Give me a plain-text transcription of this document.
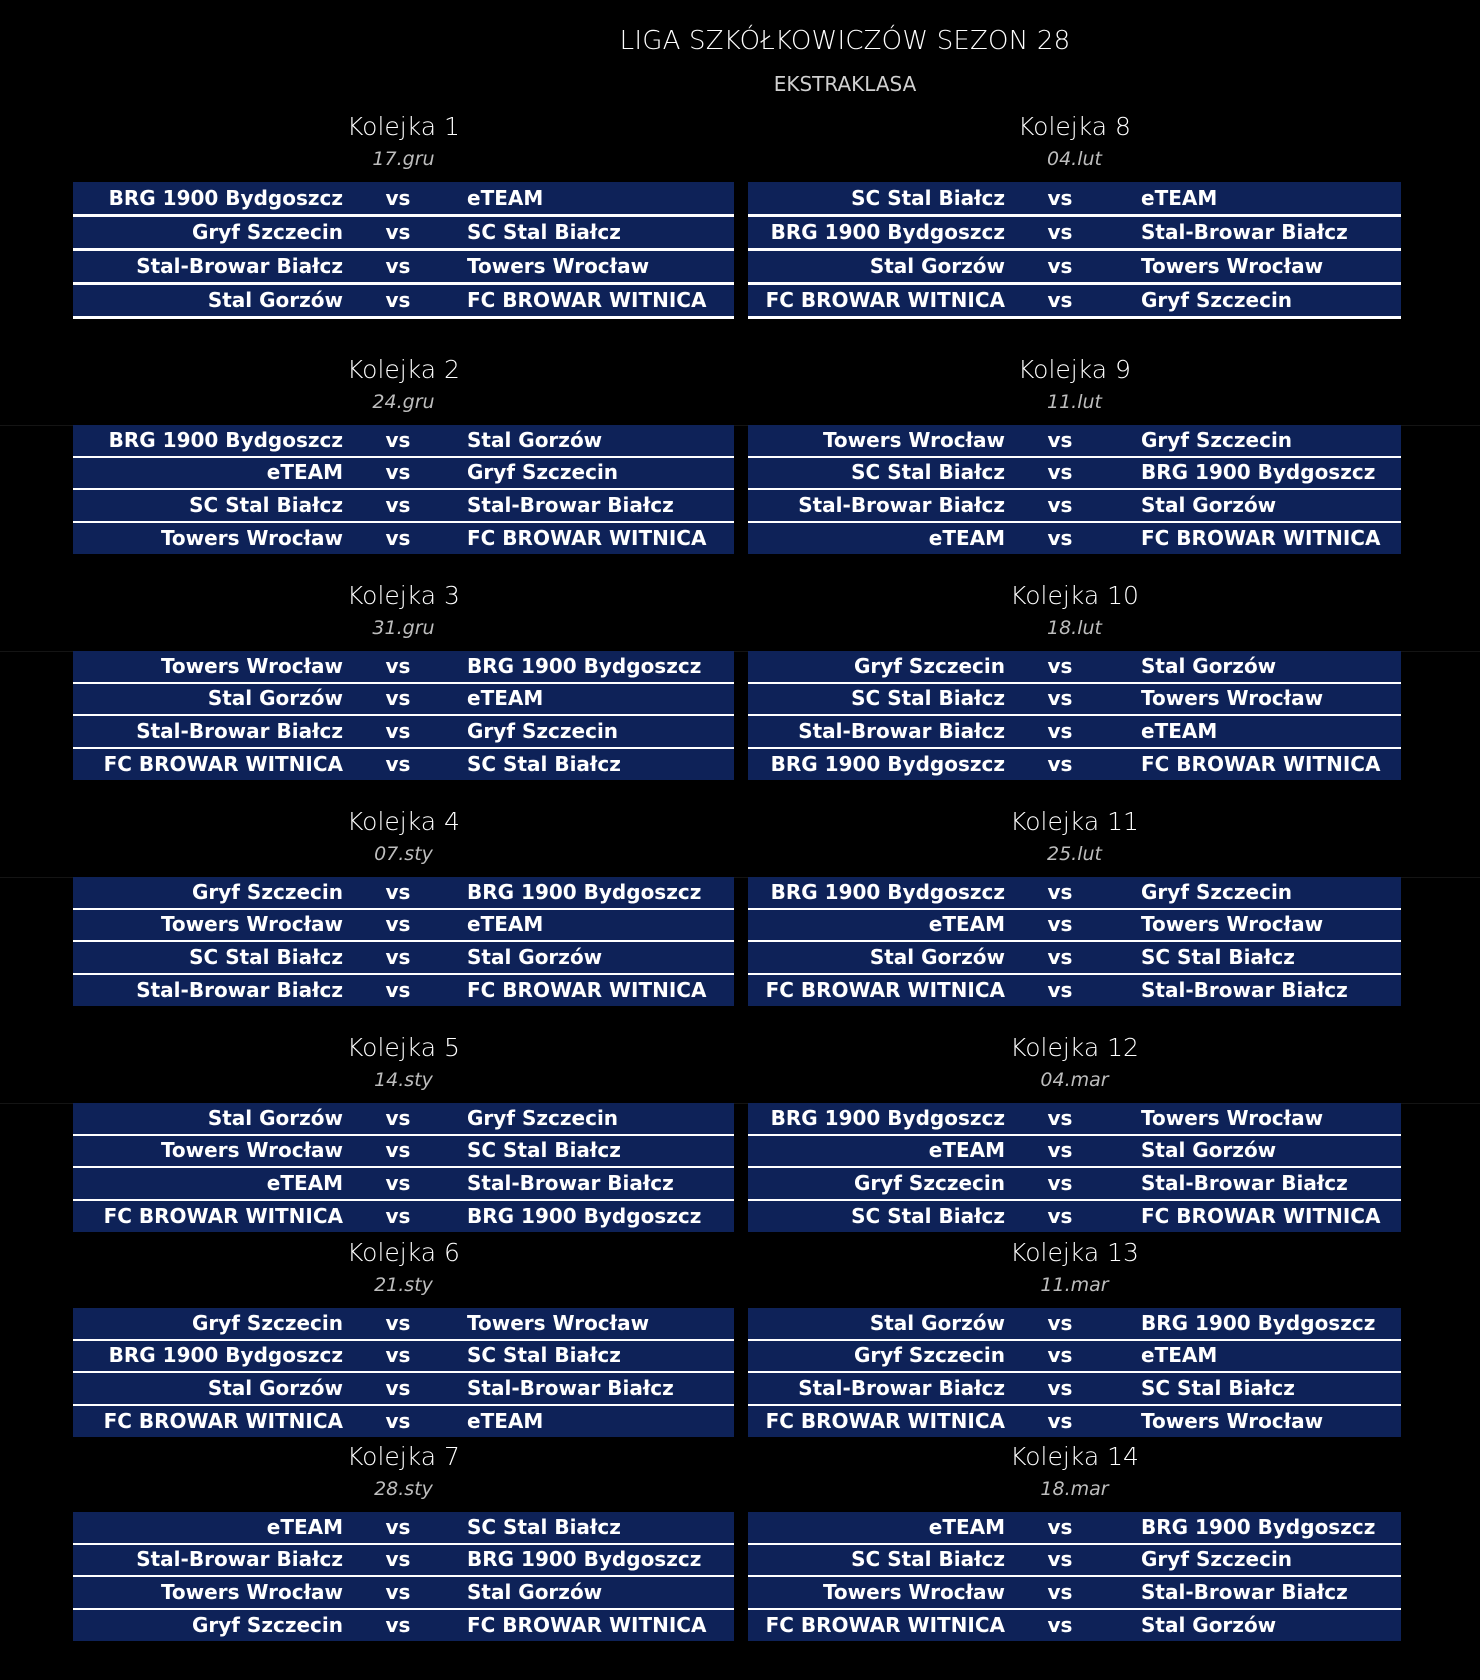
LIGA SZKÓŁKOWICZÓW SEZON 28
EKSTRAKLASA
Kolejka 1
17.gru
BRG 1900 Bydgoszcz	vs	eTEAM
Gryf Szczecin	vs	SC Stal Białcz
Stal-Browar Białcz	vs	Towers Wrocław
Stal Gorzów	vs	FC BROWAR WITNICA
Kolejka 2
24.gru
BRG 1900 Bydgoszcz	vs	Stal Gorzów
eTEAM	vs	Gryf Szczecin
SC Stal Białcz	vs	Stal-Browar Białcz
Towers Wrocław	vs	FC BROWAR WITNICA
Kolejka 3
31.gru
Towers Wrocław	vs	BRG 1900 Bydgoszcz
Stal Gorzów	vs	eTEAM
Stal-Browar Białcz	vs	Gryf Szczecin
FC BROWAR WITNICA	vs	SC Stal Białcz
Kolejka 4
07.sty
Gryf Szczecin	vs	BRG 1900 Bydgoszcz
Towers Wrocław	vs	eTEAM
SC Stal Białcz	vs	Stal Gorzów
Stal-Browar Białcz	vs	FC BROWAR WITNICA
Kolejka 5
14.sty
Stal Gorzów	vs	Gryf Szczecin
Towers Wrocław	vs	SC Stal Białcz
eTEAM	vs	Stal-Browar Białcz
FC BROWAR WITNICA	vs	BRG 1900 Bydgoszcz
Kolejka 6
21.sty
Gryf Szczecin	vs	Towers Wrocław
BRG 1900 Bydgoszcz	vs	SC Stal Białcz
Stal Gorzów	vs	Stal-Browar Białcz
FC BROWAR WITNICA	vs	eTEAM
Kolejka 7
28.sty
eTEAM	vs	SC Stal Białcz
Stal-Browar Białcz	vs	BRG 1900 Bydgoszcz
Towers Wrocław	vs	Stal Gorzów
Gryf Szczecin	vs	FC BROWAR WITNICA
Kolejka 8
04.lut
SC Stal Białcz	vs	eTEAM
BRG 1900 Bydgoszcz	vs	Stal-Browar Białcz
Stal Gorzów	vs	Towers Wrocław
FC BROWAR WITNICA	vs	Gryf Szczecin
Kolejka 9
11.lut
Towers Wrocław	vs	Gryf Szczecin
SC Stal Białcz	vs	BRG 1900 Bydgoszcz
Stal-Browar Białcz	vs	Stal Gorzów
eTEAM	vs	FC BROWAR WITNICA
Kolejka 10
18.lut
Gryf Szczecin	vs	Stal Gorzów
SC Stal Białcz	vs	Towers Wrocław
Stal-Browar Białcz	vs	eTEAM
BRG 1900 Bydgoszcz	vs	FC BROWAR WITNICA
Kolejka 11
25.lut
BRG 1900 Bydgoszcz	vs	Gryf Szczecin
eTEAM	vs	Towers Wrocław
Stal Gorzów	vs	SC Stal Białcz
FC BROWAR WITNICA	vs	Stal-Browar Białcz
Kolejka 12
04.mar
BRG 1900 Bydgoszcz	vs	Towers Wrocław
eTEAM	vs	Stal Gorzów
Gryf Szczecin	vs	Stal-Browar Białcz
SC Stal Białcz	vs	FC BROWAR WITNICA
Kolejka 13
11.mar
Stal Gorzów	vs	BRG 1900 Bydgoszcz
Gryf Szczecin	vs	eTEAM
Stal-Browar Białcz	vs	SC Stal Białcz
FC BROWAR WITNICA	vs	Towers Wrocław
Kolejka 14
18.mar
eTEAM	vs	BRG 1900 Bydgoszcz
SC Stal Białcz	vs	Gryf Szczecin
Towers Wrocław	vs	Stal-Browar Białcz
FC BROWAR WITNICA	vs	Stal Gorzów
